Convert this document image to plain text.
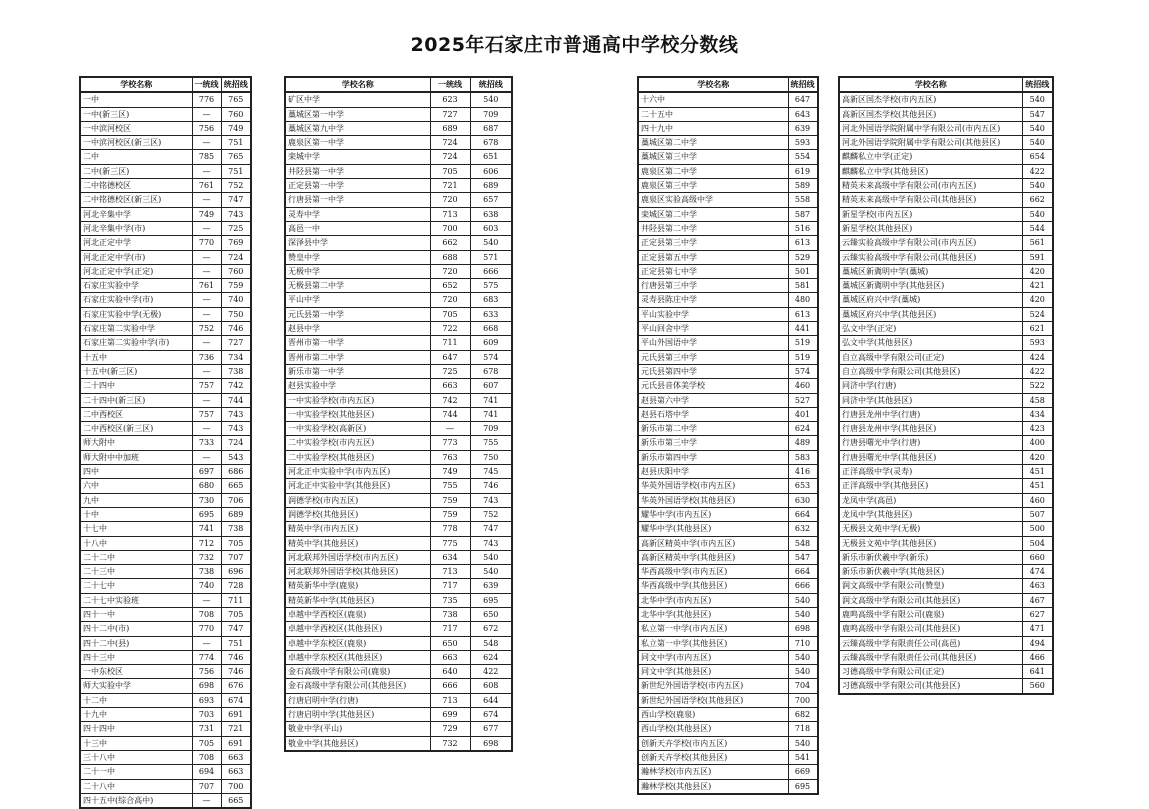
2025年石家庄市普通高中学校分数线
学校名称	一统线	统招线
一中	776	765
一中(新三区)	—	760
一中滨河校区	756	749
一中滨河校区(新三区)	—	751
二中	785	765
二中(新三区)	—	751
二中铭德校区	761	752
二中铭德校区(新三区)	—	747
河北辛集中学	749	743
河北辛集中学(市)	—	725
河北正定中学	770	769
河北正定中学(市)	—	724
河北正定中学(正定)	—	760
石家庄实验中学	761	759
石家庄实验中学(市)	—	740
石家庄实验中学(无极)	—	750
石家庄第二实验中学	752	746
石家庄第二实验中学(市)	—	727
十五中	736	734
十五中(新三区)	—	738
二十四中	757	742
二十四中(新三区)	—	744
二中西校区	757	743
二中西校区(新三区)	—	743
师大附中	733	724
师大附中中加班	—	543
四中	697	686
六中	680	665
九中	730	706
十中	695	689
十七中	741	738
十八中	712	705
二十二中	732	707
二十三中	738	696
二十七中	740	728
二十七中实验班	—	711
四十一中	708	705
四十二中(市)	770	747
四十二中(县)	—	751
四十三中	774	746
一中东校区	756	746
师大实验中学	698	676
十二中	693	674
十九中	703	691
四十四中	731	721
十三中	705	691
三十八中	708	663
二十一中	694	663
二十八中	707	700
四十五中(综合高中)	—	665
学校名称	一统线	统招线
矿区中学	623	540
藁城区第一中学	727	709
藁城区第九中学	689	687
鹿泉区第一中学	724	678
栾城中学	724	651
井陉县第一中学	705	606
正定县第一中学	721	689
行唐县第一中学	720	657
灵寿中学	713	638
高邑一中	700	603
深泽县中学	662	540
赞皇中学	688	571
无极中学	720	666
无极县第二中学	652	575
平山中学	720	683
元氏县第一中学	705	633
赵县中学	722	668
晋州市第一中学	711	609
晋州市第二中学	647	574
新乐市第一中学	725	678
赵县实验中学	663	607
一中实验学校(市内五区)	742	741
一中实验学校(其他县区)	744	741
一中实验学校(高新区)	—	709
二中实验学校(市内五区)	773	755
二中实验学校(其他县区)	763	750
河北正中实验中学(市内五区)	749	745
河北正中实验中学(其他县区)	755	746
润德学校(市内五区)	759	743
润德学校(其他县区)	759	752
精英中学(市内五区)	778	747
精英中学(其他县区)	775	743
河北联邦外国语学校(市内五区)	634	540
河北联邦外国语学校(其他县区)	713	540
精英新华中学(鹿泉)	717	639
精英新华中学(其他县区)	735	695
卓越中学西校区(鹿泉)	738	650
卓越中学西校区(其他县区)	717	672
卓越中学东校区(鹿泉)	650	548
卓越中学东校区(其他县区)	663	624
金石高级中学有限公司(鹿泉)	640	422
金石高级中学有限公司(其他县区)	666	608
行唐启明中学(行唐)	713	644
行唐启明中学(其他县区)	699	674
敬业中学(平山)	729	677
敬业中学(其他县区)	732	698
学校名称	统招线
十六中	647
二十五中	643
四十九中	639
藁城区第二中学	593
藁城区第三中学	554
鹿泉区第二中学	619
鹿泉区第三中学	589
鹿泉区实验高级中学	558
栾城区第二中学	587
井陉县第二中学	516
正定县第三中学	613
正定县第五中学	529
正定县第七中学	501
行唐县第三中学	581
灵寿县陈庄中学	480
平山实验中学	613
平山回舍中学	441
平山外国语中学	519
元氏县第三中学	519
元氏县第四中学	574
元氏县音体美学校	460
赵县第六中学	527
赵县石塔中学	401
新乐市第二中学	624
新乐市第三中学	489
新乐市第四中学	583
赵县庆阳中学	416
华英外国语学校(市内五区)	653
华英外国语学校(其他县区)	630
耀华中学(市内五区)	664
耀华中学(其他县区)	632
高新区精英中学(市内五区)	548
高新区精英中学(其他县区)	547
华西高级中学(市内五区)	664
华西高级中学(其他县区)	666
北华中学(市内五区)	540
北华中学(其他县区)	540
私立第一中学(市内五区)	698
私立第一中学(其他县区)	710
同文中学(市内五区)	540
同文中学(其他县区)	540
新世纪外国语学校(市内五区)	704
新世纪外国语学校(其他县区)	700
西山学校(鹿泉)	682
西山学校(其他县区)	718
创新天卉学校(市内五区)	540
创新天卉学校(其他县区)	541
瀚林学校(市内五区)	669
瀚林学校(其他县区)	695
学校名称	统招线
高新区国杰学校(市内五区)	540
高新区国杰学校(其他县区)	547
河北外国语学院附属中学有限公司(市内五区)	540
河北外国语学院附属中学有限公司(其他县区)	540
麒麟私立中学(正定)	654
麒麟私立中学(其他县区)	422
精英未来高级中学有限公司(市内五区)	540
精英未来高级中学有限公司(其他县区)	662
新星学校(市内五区)	540
新星学校(其他县区)	544
云臻实验高级中学有限公司(市内五区)	561
云臻实验高级中学有限公司(其他县区)	591
藁城区新冀明中学(藁城)	420
藁城区新冀明中学(其他县区)	421
藁城区府兴中学(藁城)	420
藁城区府兴中学(其他县区)	524
弘文中学(正定)	621
弘文中学(其他县区)	593
自立高级中学有限公司(正定)	424
自立高级中学有限公司(其他县区)	422
同济中学(行唐)	522
同济中学(其他县区)	458
行唐县龙州中学(行唐)	434
行唐县龙州中学(其他县区)	423
行唐县曙光中学(行唐)	400
行唐县曙光中学(其他县区)	420
正洋高级中学(灵寿)	451
正洋高级中学(其他县区)	451
龙凤中学(高邑)	460
龙凤中学(其他县区)	507
无极县文苑中学(无极)	500
无极县文苑中学(其他县区)	504
新乐市新伏羲中学(新乐)	660
新乐市新伏羲中学(其他县区)	474
润文高级中学有限公司(赞皇)	463
润文高级中学有限公司(其他县区)	467
鹿鸣高级中学有限公司(鹿泉)	627
鹿鸣高级中学有限公司(其他县区)	471
云臻高级中学有限责任公司(高邑)	494
云臻高级中学有限责任公司(其他县区)	466
习德高级中学有限公司(正定)	641
习德高级中学有限公司(其他县区)	560
